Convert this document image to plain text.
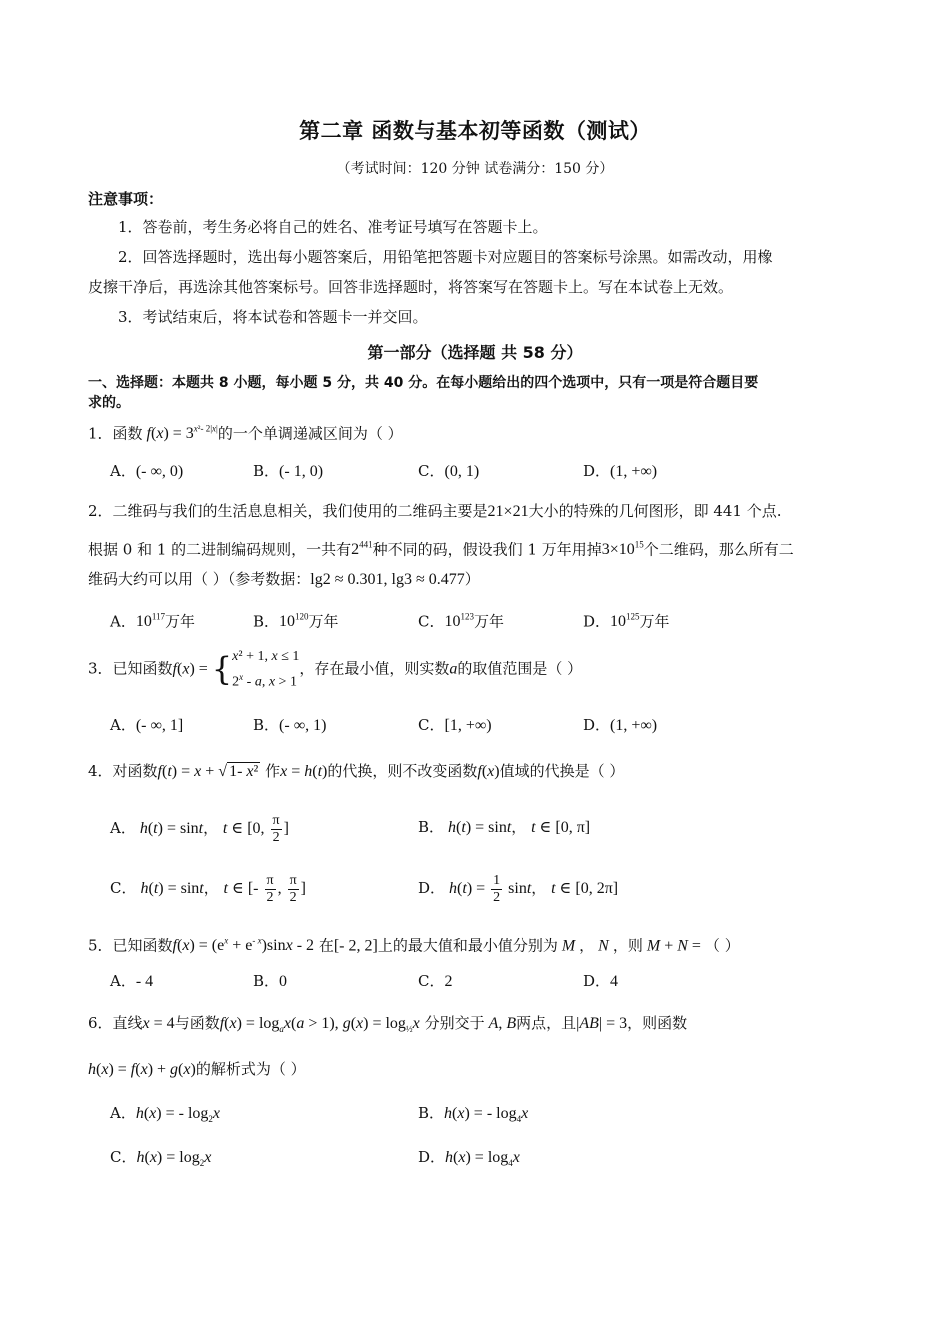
第二章 函数与基本初等函数（测试）
（考试时间：120 分钟 试卷满分：150 分）
注意事项：
1．答卷前，考生务必将自己的姓名、准考证号填写在答题卡上。
2．回答选择题时，选出每小题答案后，用铅笔把答题卡对应题目的答案标号涂黑。如需改动，用橡
皮擦干净后，再选涂其他答案标号。回答非选择题时，将答案写在答题卡上。写在本试卷上无效。
3．考试结束后，将本试卷和答题卡一并交回。
第一部分（选择题 共 58 分）
一、选择题：本题共 8 小题，每小题 5 分，共 40 分。在每小题给出的四个选项中，只有一项是符合题目要
求的。
1．函数 $f(x) = 3^{x^2- 2|x|}$的一个单调递减区间为（ ）
A．(- ∞, 0)	B．(- 1, 0)	C．(0, 1)	D．(1, +∞)
2．二维码与我们的生活息息相关，我们使用的二维码主要是21×21大小的特殊的几何图形，即 441 个点.
根据 0 和 1 的二进制编码规则，一共有$2^{441}$种不同的码，假设我们 1 万年用掉$3\times 10^{15}$个二维码，那么所有二
维码大约可以用（ ）（参考数据：lg2 ≈ 0.301, lg3 ≈ 0.477）
A．$10^{117}$万年	B．$10^{120}$万年	C．$10^{123}$万年	D．$10^{125}$万年
3．已知函数f(x) = {x² + 1, x ≤ 1
2$^x$ - a, x > 1，存在最小值，则实数a的取值范围是（ ）
A．(- ∞, 1]	B．(- ∞, 1)	C．[1, +∞)	D．(1, +∞)
4．对函数f(t) = x + √ 1- x² 作x = h(t)的代换，则不改变函数f(x)值域的代换是（ ）
A． h(t) = sint， t ∈ [0, $\frac{\pi}{2}$ ]	B． h(t) = sint， t ∈ [0, π]
C． h(t) = sint， t ∈ [- $\frac{\pi}{2}$ , $\frac{\pi}{2}$ ]	D． $h(t) = \frac{1}{2}$ sint， t ∈ [0, 2π]
5．已知函数$f(x) = (e^x + e^{- x})\sin x - 2$ 在[- 2, 2]上的最大值和最小值分别为 M ， N ，则 M + N = （ ）
A．- 4	B．0	C．2	D．4
6．直线x = 4与函数$f(x) = \log_ax(a > 1)$, $g(x) = \log_{\frac{1}{2}}x$ 分别交于 A, B两点，且|AB| = 3，则函数
h(x) = f(x) + g(x)的解析式为（ ）
A．h(x) = - $\log_2x$	B．h(x) = - $\log_4x$
C．$h(x) = \log_2x$	D．$h(x) = \log_4x$
